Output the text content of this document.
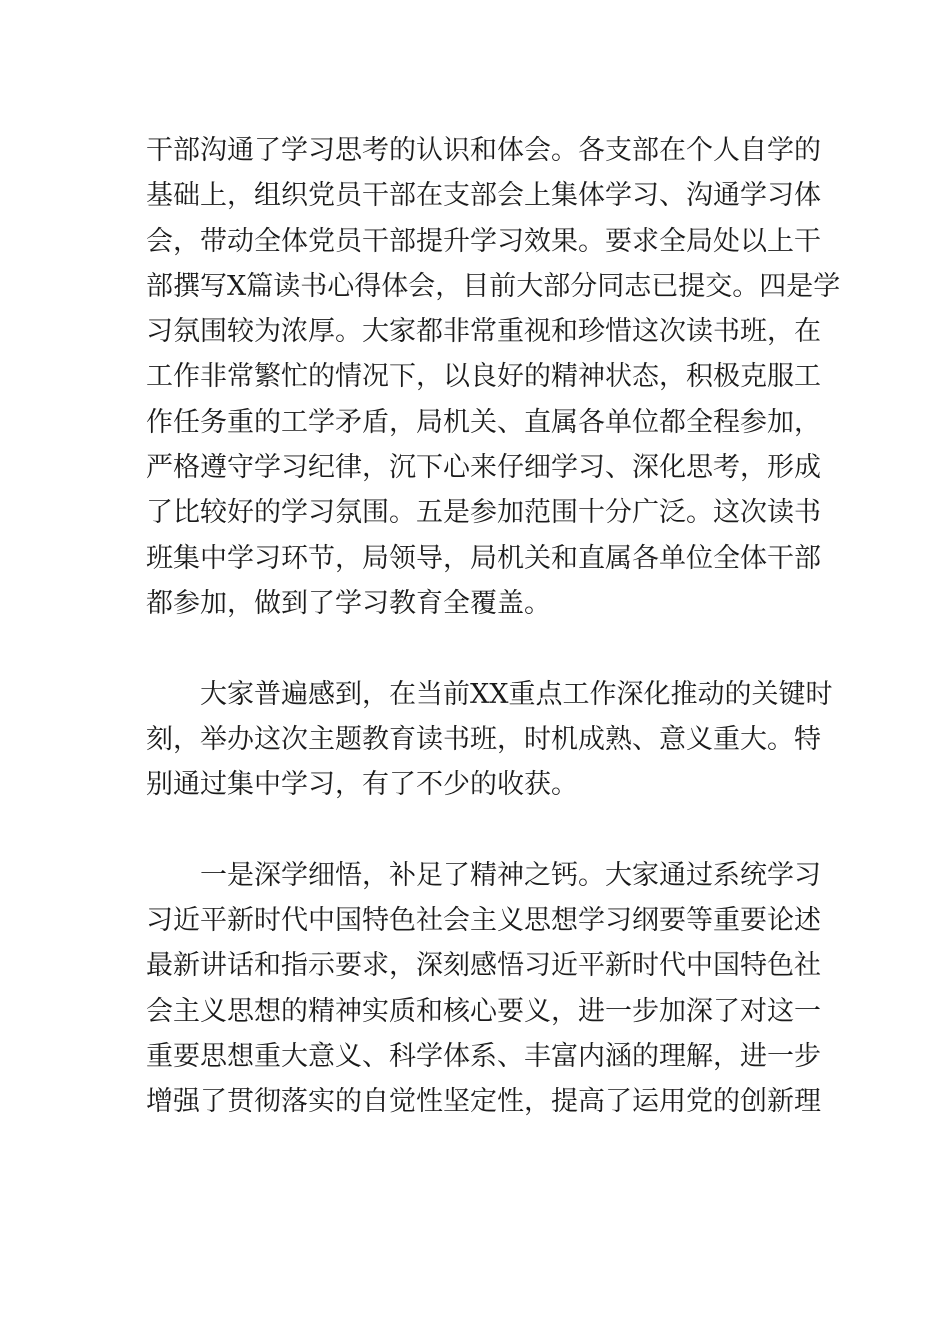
干部沟通了学习思考的认识和体会。各支部在个人自学的
基础上，组织党员干部在支部会上集体学习、沟通学习体
会，带动全体党员干部提升学习效果。要求全局处以上干
部撰写X篇读书心得体会，目前大部分同志已提交。四是学
习氛围较为浓厚。大家都非常重视和珍惜这次读书班，在
工作非常繁忙的情况下，以良好的精神状态，积极克服工
作任务重的工学矛盾，局机关、直属各单位都全程参加，
严格遵守学习纪律，沉下心来仔细学习、深化思考，形成
了比较好的学习氛围。五是参加范围十分广泛。这次读书
班集中学习环节，局领导，局机关和直属各单位全体干部
都参加，做到了学习教育全覆盖。
大家普遍感到，在当前XX重点工作深化推动的关键时
刻，举办这次主题教育读书班，时机成熟、意义重大。特
别通过集中学习，有了不少的收获。
一是深学细悟，补足了精神之钙。大家通过系统学习
习近平新时代中国特色社会主义思想学习纲要等重要论述
最新讲话和指示要求，深刻感悟习近平新时代中国特色社
会主义思想的精神实质和核心要义，进一步加深了对这一
重要思想重大意义、科学体系、丰富内涵的理解，进一步
增强了贯彻落实的自觉性坚定性，提高了运用党的创新理
